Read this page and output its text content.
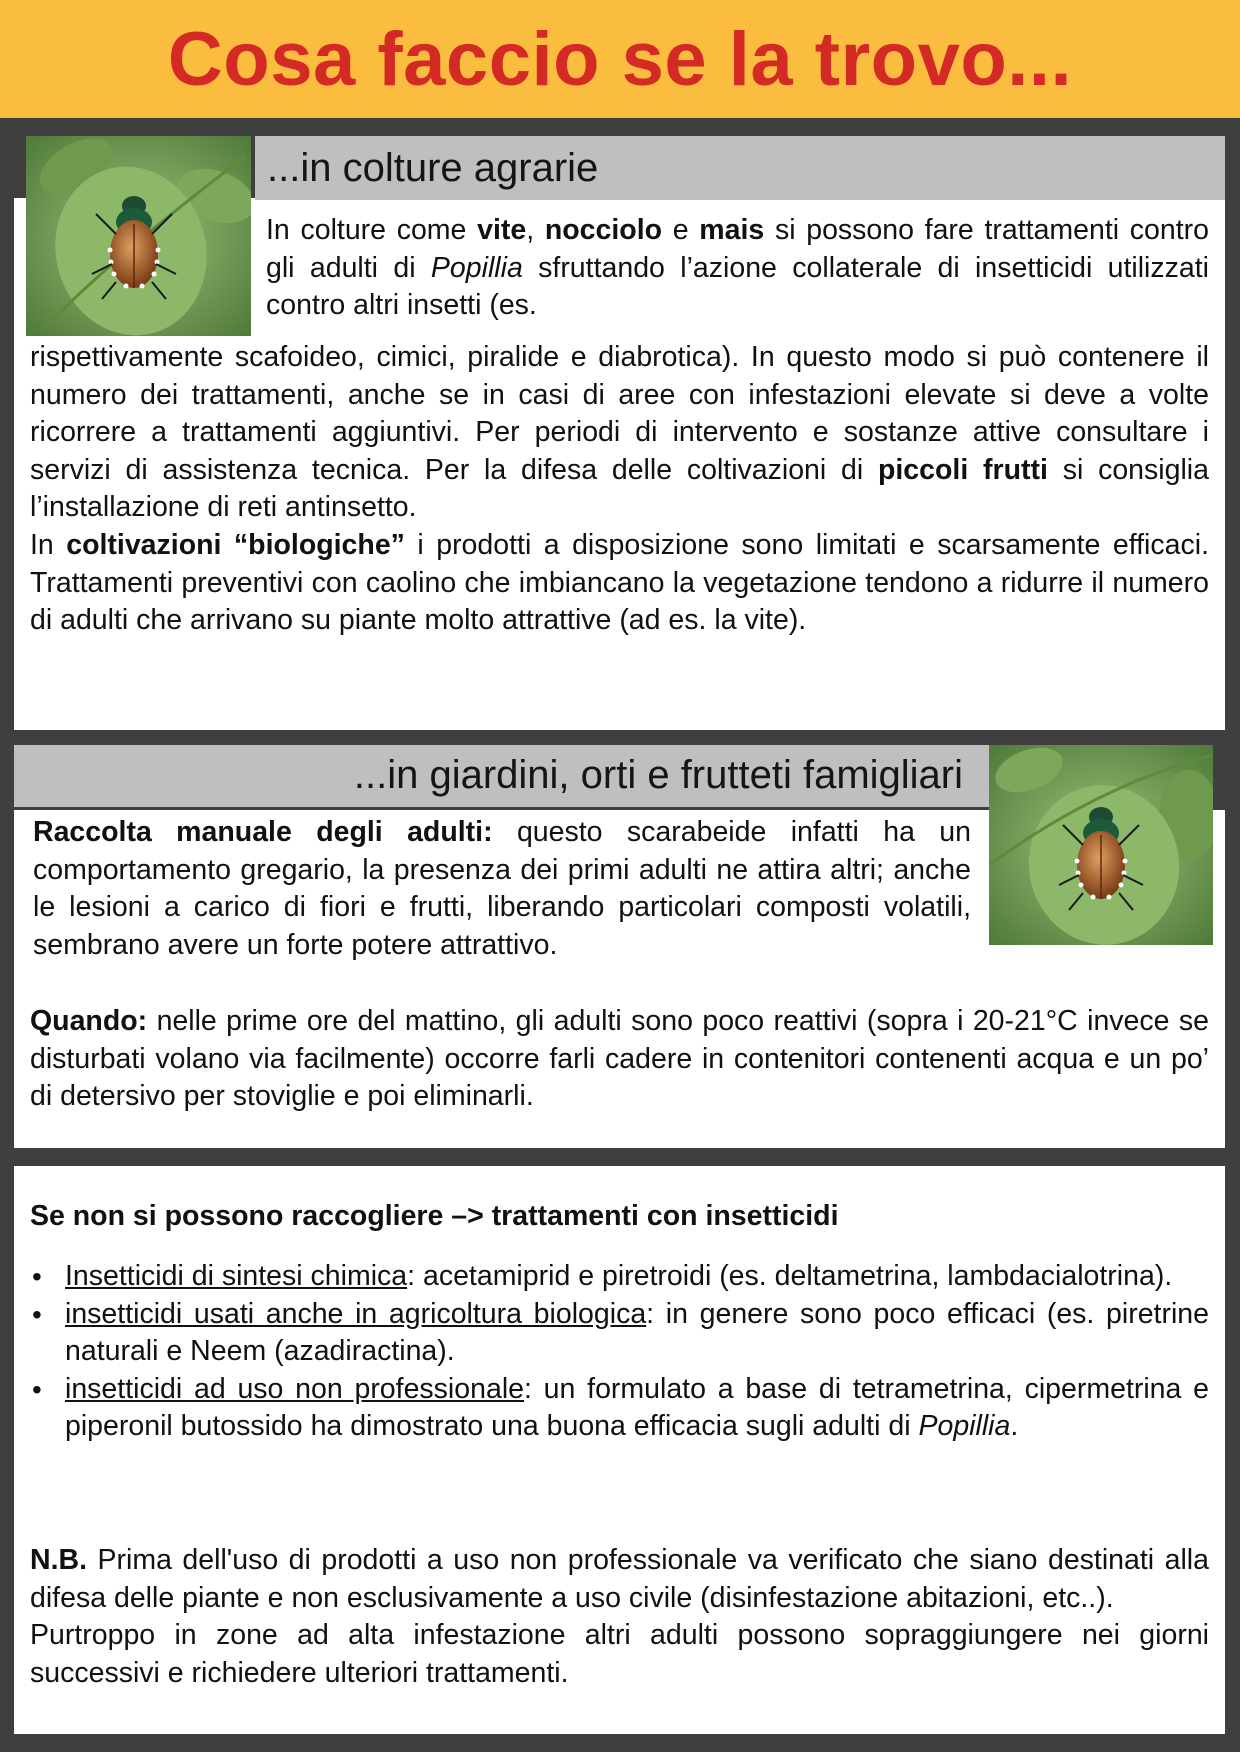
Cosa faccio se la trovo...
...in colture agrarie

In colture come vite, nocciolo e mais si possono fare trattamenti contro gli adulti di Popillia sfruttando l’azione collaterale di insetticidi utilizzati contro altri insetti (es.

rispettivamente scafoideo, cimici, piralide e diabrotica). In questo modo si può contenere il numero dei trattamenti, anche se in casi di aree con infestazioni elevate si deve a volte ricorrere a trattamenti aggiuntivi. Per periodi di intervento e sostanze attive consultare i servizi di assistenza tecnica. Per la difesa delle coltivazioni di piccoli frutti si consiglia l’installazione di reti antinsetto.

In coltivazioni “biologiche” i prodotti a disposizione sono limitati e scarsamente efficaci. Trattamenti preventivi con caolino che imbiancano la vegetazione tendono a ridurre il numero di adulti che arrivano su piante molto attrattive (ad es. la vite).

...in giardini, orti e frutteti famigliari

Raccolta manuale degli adulti: questo scarabeide infatti ha un comportamento gregario, la presenza dei primi adulti ne attira altri; anche le lesioni a carico di fiori e frutti, liberando particolari composti volatili, sembrano avere un forte potere attrattivo.

Quando: nelle prime ore del mattino, gli adulti sono poco reattivi (sopra i 20-21°C invece se disturbati volano via facilmente) occorre farli cadere in contenitori contenenti acqua e un po’ di detersivo per stoviglie e poi eliminarli.

Se non si possono raccogliere –> trattamenti con insetticidi
• Insetticidi di sintesi chimica: acetamiprid e piretroidi (es. deltametrina, lambdacialotrina).
• insetticidi usati anche in agricoltura biologica: in genere sono poco efficaci (es. piretrine naturali e Neem (azadiractina).
• insetticidi ad uso non professionale: un formulato a base di tetrametrina, cipermetrina e piperonil butossido ha dimostrato una buona efficacia sugli adulti di Popillia.

N.B. Prima dell'uso di prodotti a uso non professionale va verificato che siano destinati alla difesa delle piante e non esclusivamente a uso civile (disinfestazione abitazioni, etc..).

Purtroppo in zone ad alta infestazione altri adulti possono sopraggiungere nei giorni successivi e richiedere ulteriori trattamenti.
